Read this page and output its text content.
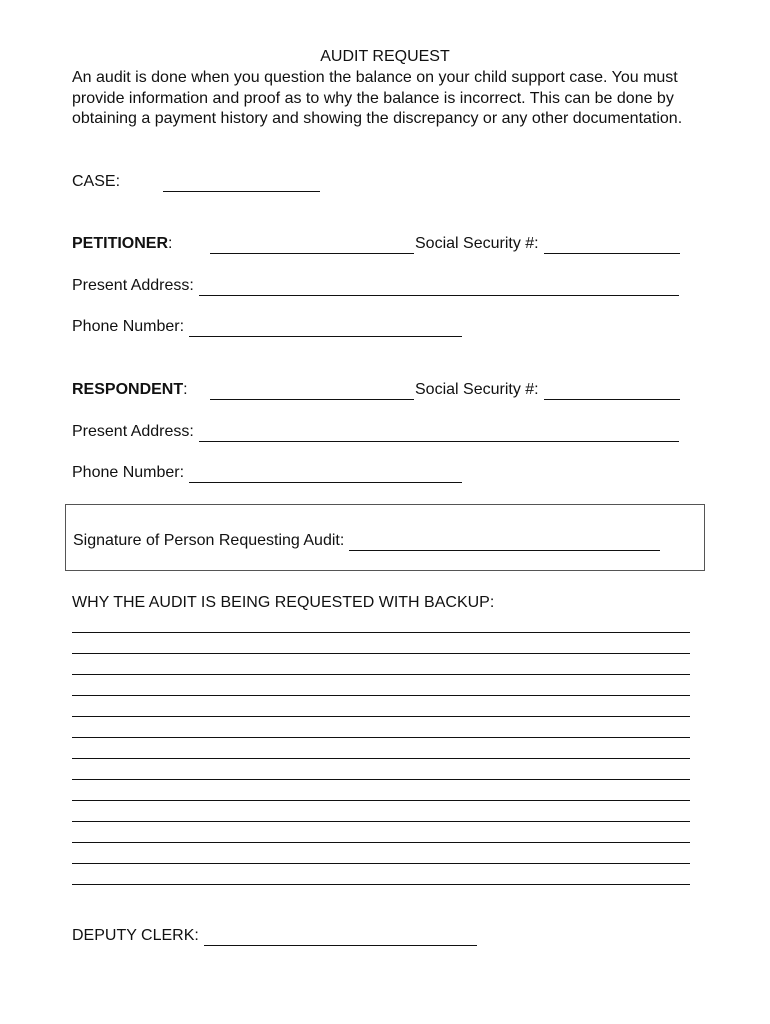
AUDIT REQUEST
An audit is done when you question the balance on your child support case. You must provide information and proof as to why the balance is incorrect. This can be done by obtaining a payment history and showing the discrepancy or any other documentation.
CASE:
PETITIONER:	Social Security #:
Present Address:
Phone Number:
RESPONDENT:	Social Security #:
Present Address:
Phone Number:
Signature of Person Requesting Audit:
WHY THE AUDIT IS BEING REQUESTED WITH BACKUP:
DEPUTY CLERK:
